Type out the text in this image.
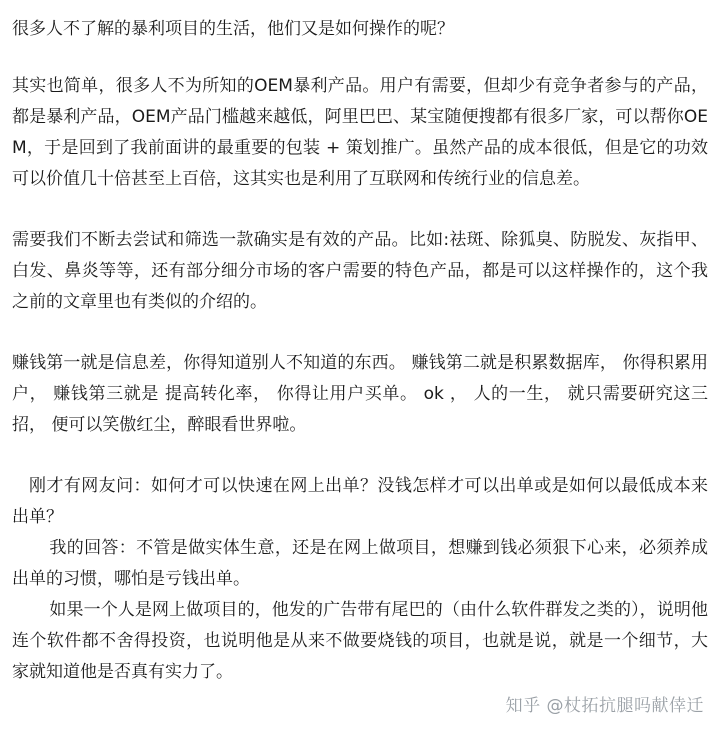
很多人不了解的暴利项目的生活，他们又是如何操作的呢？

其实也简单，很多人不为所知的OEM暴利产品。用户有需要，但却少有竞争者参与的产品，都是暴利产品，OEM产品门槛越来越低，阿里巴巴、某宝随便搜都有很多厂家，可以帮你OEM，于是回到了我前面讲的最重要的包装 + 策划推广。虽然产品的成本很低，但是它的功效可以价值几十倍甚至上百倍，这其实也是利用了互联网和传统行业的信息差。

需要我们不断去尝试和筛选一款确实是有效的产品。比如:祛斑、除狐臭、防脱发、灰指甲、白发、鼻炎等等，还有部分细分市场的客户需要的特色产品，都是可以这样操作的，这个我之前的文章里也有类似的介绍的。

赚钱第一就是信息差，你得知道别人不知道的东西。 赚钱第二就是积累数据库， 你得积累用户， 赚钱第三就是 提高转化率， 你得让用户买单。 ok ， 人的一生， 就只需要研究这三招， 便可以笑傲红尘，醉眼看世界啦。

刚才有网友问：如何才可以快速在网上出单？没钱怎样才可以出单或是如何以最低成本来出单？

我的回答：不管是做实体生意，还是在网上做项目，想赚到钱必须狠下心来，必须养成出单的习惯，哪怕是亏钱出单。

如果一个人是网上做项目的，他发的广告带有尾巴的（由什么软件群发之类的），说明他连个软件都不舍得投资，也说明他是从来不做要烧钱的项目，也就是说，就是一个细节，大家就知道他是否真有实力了。

知乎 @杖拓抗腿吗献倖迁
